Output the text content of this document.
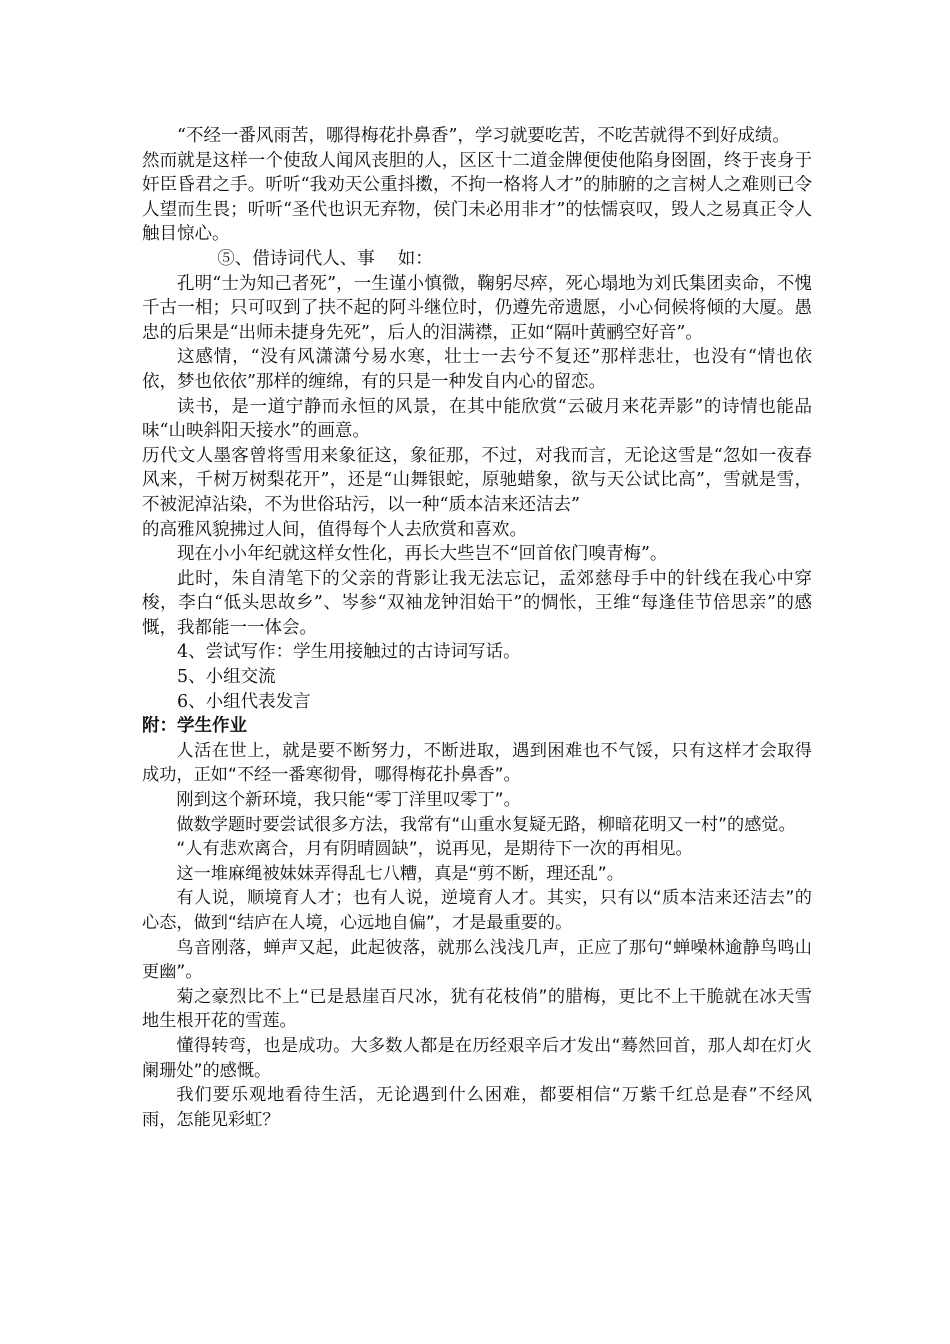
“不经一番风雨苦，哪得梅花扑鼻香”，学习就要吃苦，不吃苦就得不到好成绩。

然而就是这样一个使敌人闻风丧胆的人，区区十二道金牌便使他陷身囹圄，终于丧身于奸臣昏君之手。听听“我劝天公重抖擞，不拘一格将人才”的肺腑的之言树人之难则已令人望而生畏；听听“圣代也识无弃物，侯门未必用非才”的怯懦哀叹，毁人之易真正令人触目惊心。

⑤、借诗词代人、事　 如：

孔明“士为知己者死”，一生谨小慎微，鞠躬尽瘁，死心塌地为刘氏集团卖命，不愧千古一相；只可叹到了扶不起的阿斗继位时，仍遵先帝遗愿，小心伺候将倾的大厦。愚忠的后果是“出师未捷身先死”，后人的泪满襟，正如“隔叶黄鹂空好音”。

这感情，“没有风潇潇兮易水寒，壮士一去兮不复还”那样悲壮，也没有“情也依依，梦也依依”那样的缠绵，有的只是一种发自内心的留恋。

读书，是一道宁静而永恒的风景，在其中能欣赏“云破月来花弄影”的诗情也能品味“山映斜阳天接水”的画意。

历代文人墨客曾将雪用来象征这，象征那，不过，对我而言，无论这雪是“忽如一夜春风来，千树万树梨花开”，还是“山舞银蛇，原驰蜡象，欲与天公试比高”，雪就是雪，不被泥淖沾染，不为世俗玷污，以一种“质本洁来还洁去”

的高雅风貌拂过人间，值得每个人去欣赏和喜欢。

现在小小年纪就这样女性化，再长大些岂不“回首依门嗅青梅”。

此时，朱自清笔下的父亲的背影让我无法忘记，孟郊慈母手中的针线在我心中穿梭，李白“低头思故乡”、岑参“双袖龙钟泪始干”的惆怅，王维“每逢佳节倍思亲”的感慨，我都能一一体会。

4、尝试写作：学生用接触过的古诗词写话。

5、小组交流

6、小组代表发言

附：学生作业

人活在世上，就是要不断努力，不断进取，遇到困难也不气馁，只有这样才会取得成功，正如“不经一番寒彻骨，哪得梅花扑鼻香”。

刚到这个新环境，我只能“零丁洋里叹零丁”。

做数学题时要尝试很多方法，我常有“山重水复疑无路，柳暗花明又一村”的感觉。

“人有悲欢离合，月有阴晴圆缺”，说再见，是期待下一次的再相见。

这一堆麻绳被妹妹弄得乱七八糟，真是“剪不断，理还乱”。

有人说，顺境育人才；也有人说，逆境育人才。其实，只有以“质本洁来还洁去”的心态，做到“结庐在人境，心远地自偏”，才是最重要的。

鸟音刚落，蝉声又起，此起彼落，就那么浅浅几声，正应了那句“蝉噪林逾静鸟鸣山更幽”。

菊之豪烈比不上“已是悬崖百尺冰，犹有花枝俏”的腊梅，更比不上干脆就在冰天雪地生根开花的雪莲。

懂得转弯，也是成功。大多数人都是在历经艰辛后才发出“蓦然回首，那人却在灯火阑珊处”的感慨。

我们要乐观地看待生活，无论遇到什么困难，都要相信“万紫千红总是春”不经风雨，怎能见彩虹？
